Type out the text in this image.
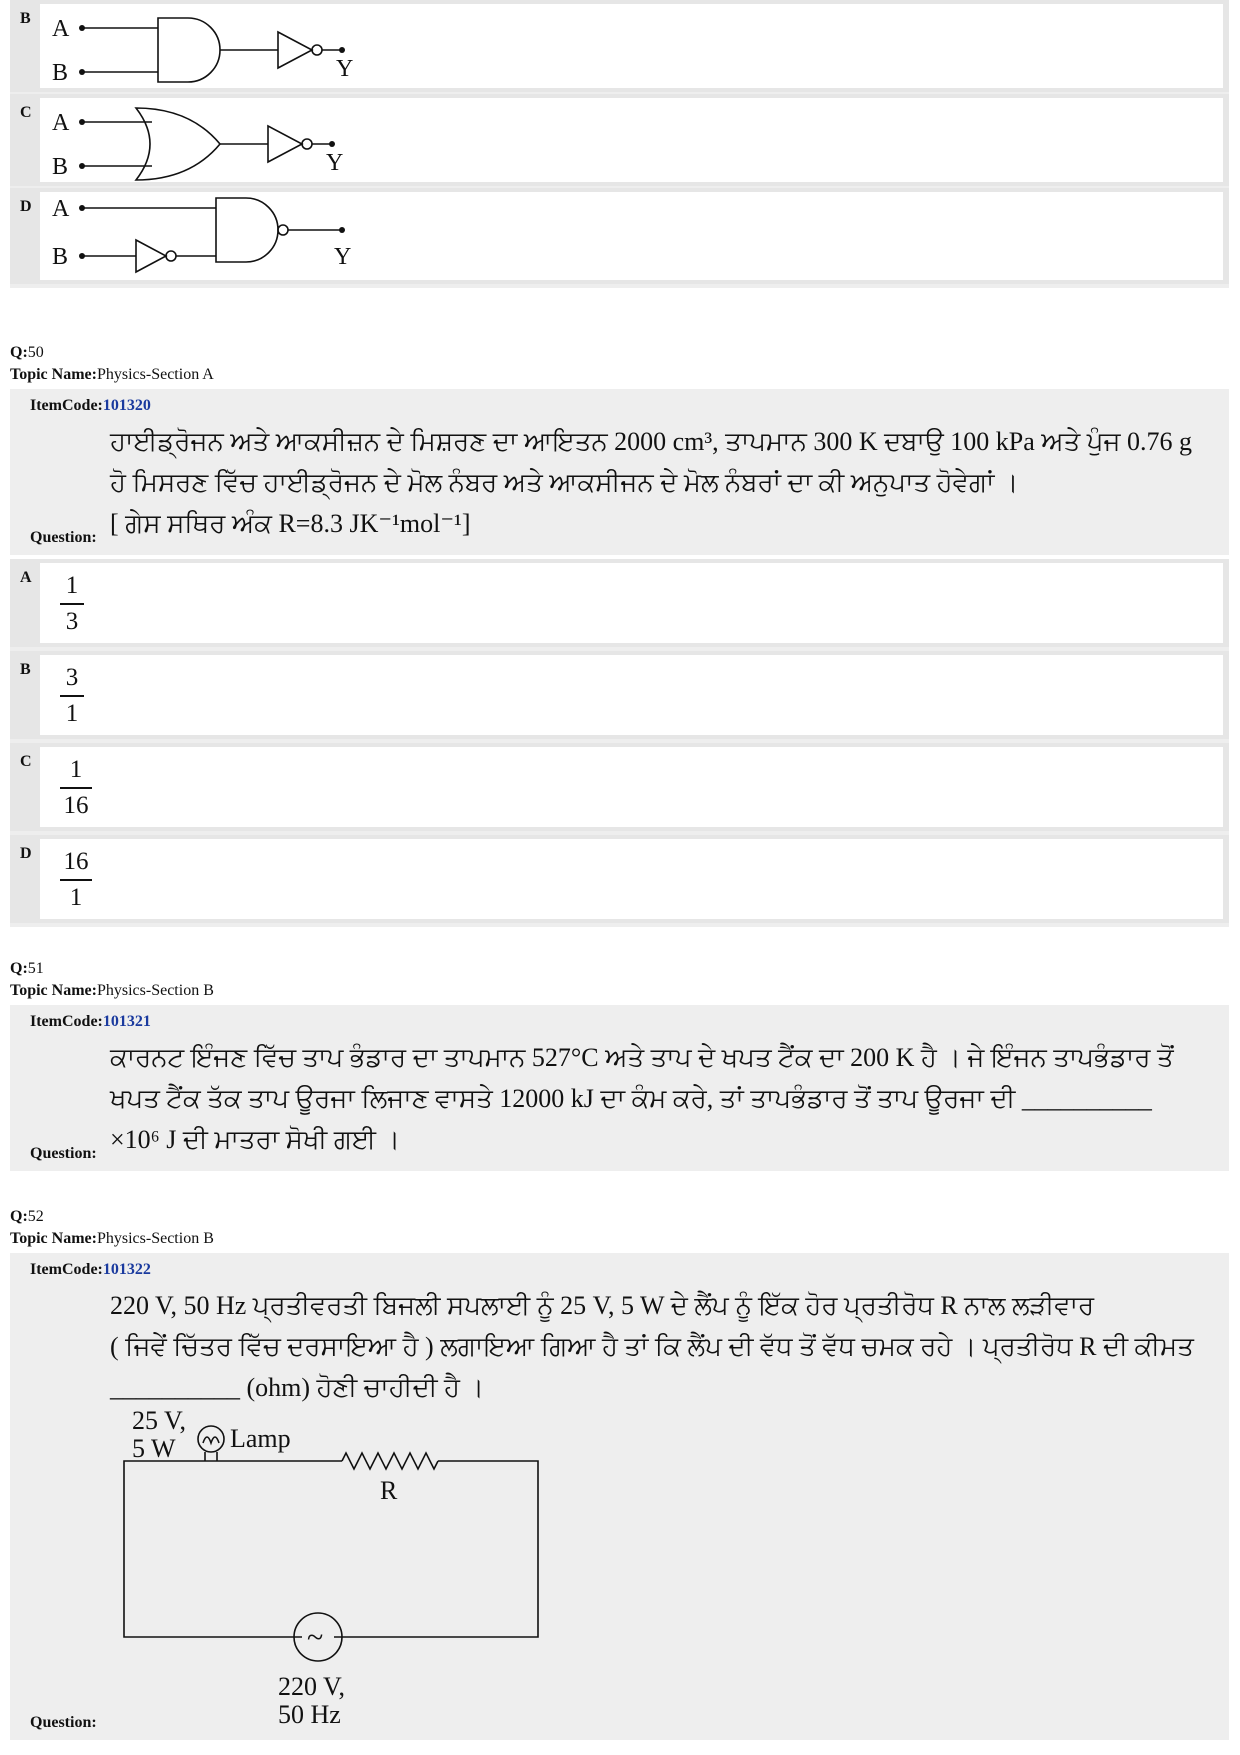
B A
B	Y
C A
B	Y
D A
B	Y
Q:50
Topic Name:Physics-Section A
ItemCode:101320
ਹਾਈਡ੍ਰੋਜਨ ਅਤੇ ਆਕਸੀਜ਼ਨ ਦੇ ਮਿਸ਼ਰਣ ਦਾ ਆਇਤਨ 2000 cm³, ਤਾਪਮਾਨ 300 K ਦਬਾਉ 100 kPa ਅਤੇ ਪੁੰਜ 0.76 g
ਹੋ ਮਿਸਰਣ ਵਿੱਚ ਹਾਈਡ੍ਰੋਜਨ ਦੇ ਮੋਲ ਨੰਬਰ ਅਤੇ ਆਕਸੀਜਨ ਦੇ ਮੋਲ ਨੰਬਰਾਂ ਦਾ ਕੀ ਅਨੁਪਾਤ ਹੋਵੇਗਾਂ ।
[ ਗੇਸ ਸਥਿਰ ਅੰਕ R=8.3 JK⁻¹mol⁻¹]
Question:
A 1
3
B 3
1
C	1
16
D 16
1
Q:51
Topic Name:Physics-Section B
ItemCode:101321
ਕਾਰਨਟ ਇੰਜਣ ਵਿੱਚ ਤਾਪ ਭੰਡਾਰ ਦਾ ਤਾਪਮਾਨ 527°C ਅਤੇ ਤਾਪ ਦੇ ਖਪਤ ਟੈਂਕ ਦਾ 200 K ਹੈ । ਜੇ ਇੰਜਨ ਤਾਪਭੰਡਾਰ ਤੋਂ
ਖਪਤ ਟੈਂਕ ਤੱਕ ਤਾਪ ਊਰਜਾ ਲਿਜਾਣ ਵਾਸਤੇ 12000 kJ ਦਾ ਕੰਮ ਕਰੇ, ਤਾਂ ਤਾਪਭੰਡਾਰ ਤੋਂ ਤਾਪ ਊਰਜਾ ਦੀ __________
×10⁶ J ਦੀ ਮਾਤਰਾ ਸੋਖੀ ਗਈ ।
Question:
Q:52
Topic Name:Physics-Section B
ItemCode:101322
220 V, 50 Hz ਪ੍ਰਤੀਵਰਤੀ ਬਿਜਲੀ ਸਪਲਾਈ ਨੂੰ 25 V, 5 W ਦੇ ਲੈਂਪ ਨੂੰ ਇੱਕ ਹੋਰ ਪ੍ਰਤੀਰੋਧ R ਨਾਲ ਲੜੀਵਾਰ
( ਜਿਵੇਂ ਚਿੱਤਰ ਵਿੱਚ ਦਰਸਾਇਆ ਹੈ ) ਲਗਾਇਆ ਗਿਆ ਹੈ ਤਾਂ ਕਿ ਲੈਂਪ ਦੀ ਵੱਧ ਤੋਂ ਵੱਧ ਚਮਕ ਰਹੇ । ਪ੍ਰਤੀਰੋਧ R ਦੀ ਕੀਮਤ
__________ (ohm) ਹੋਣੀ ਚਾਹੀਦੀ ਹੈ ।
25 V,
5 W Lamp
~
R
220 V,
50 Hz
Question:
